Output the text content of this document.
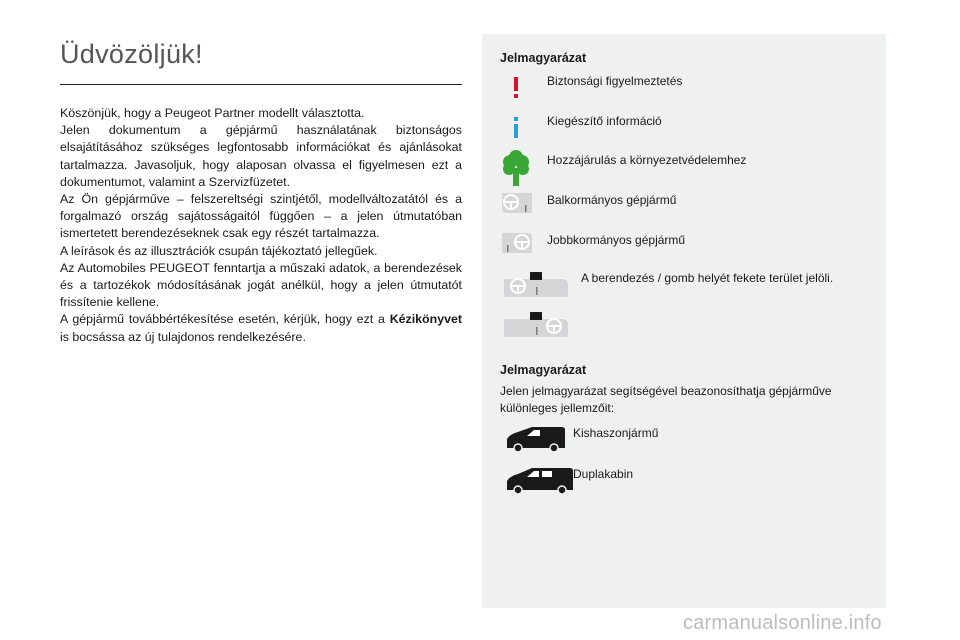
Üdvözöljük!

Köszönjük, hogy a Peugeot Partner modellt választotta.

Jelen dokumentum a gépjármű használatának biztonságos elsajátításához szükséges legfontosabb információkat és ajánlásokat tartalmazza. Javasoljuk, hogy alaposan olvassa el figyelmesen ezt a dokumentumot, valamint a Szervizfüzetet.

Az Ön gépjárműve – felszereltségi szintjétől, modellváltozatától és a forgalmazó ország sajátosságaitól függően – a jelen útmutatóban ismertetett berendezéseknek csak egy részét tartalmazza.

A leírások és az illusztrációk csupán tájékoztató jellegűek.

Az Automobiles PEUGEOT fenntartja a műszaki adatok, a berendezések és a tartozékok módosításának jogát anélkül, hogy a jelen útmutatót frissítenie kellene.

A gépjármű továbbértékesítése esetén, kérjük, hogy ezt a Kézikönyvet is bocsássa az új tulajdonos rendelkezésére.

Jelmagyarázat
Biztonsági figyelmeztetés
Kiegészítő információ
Hozzájárulás a környezetvédelemhez
Balkormányos gépjármű
Jobbkormányos gépjármű
A berendezés / gomb helyét fekete terület jelöli.
Jelmagyarázat
Jelen jelmagyarázat segítségével beazonosíthatja gépjárműve különleges jellemzőit:
Kishaszonjármű
Duplakabin
carmanualsonline.info
